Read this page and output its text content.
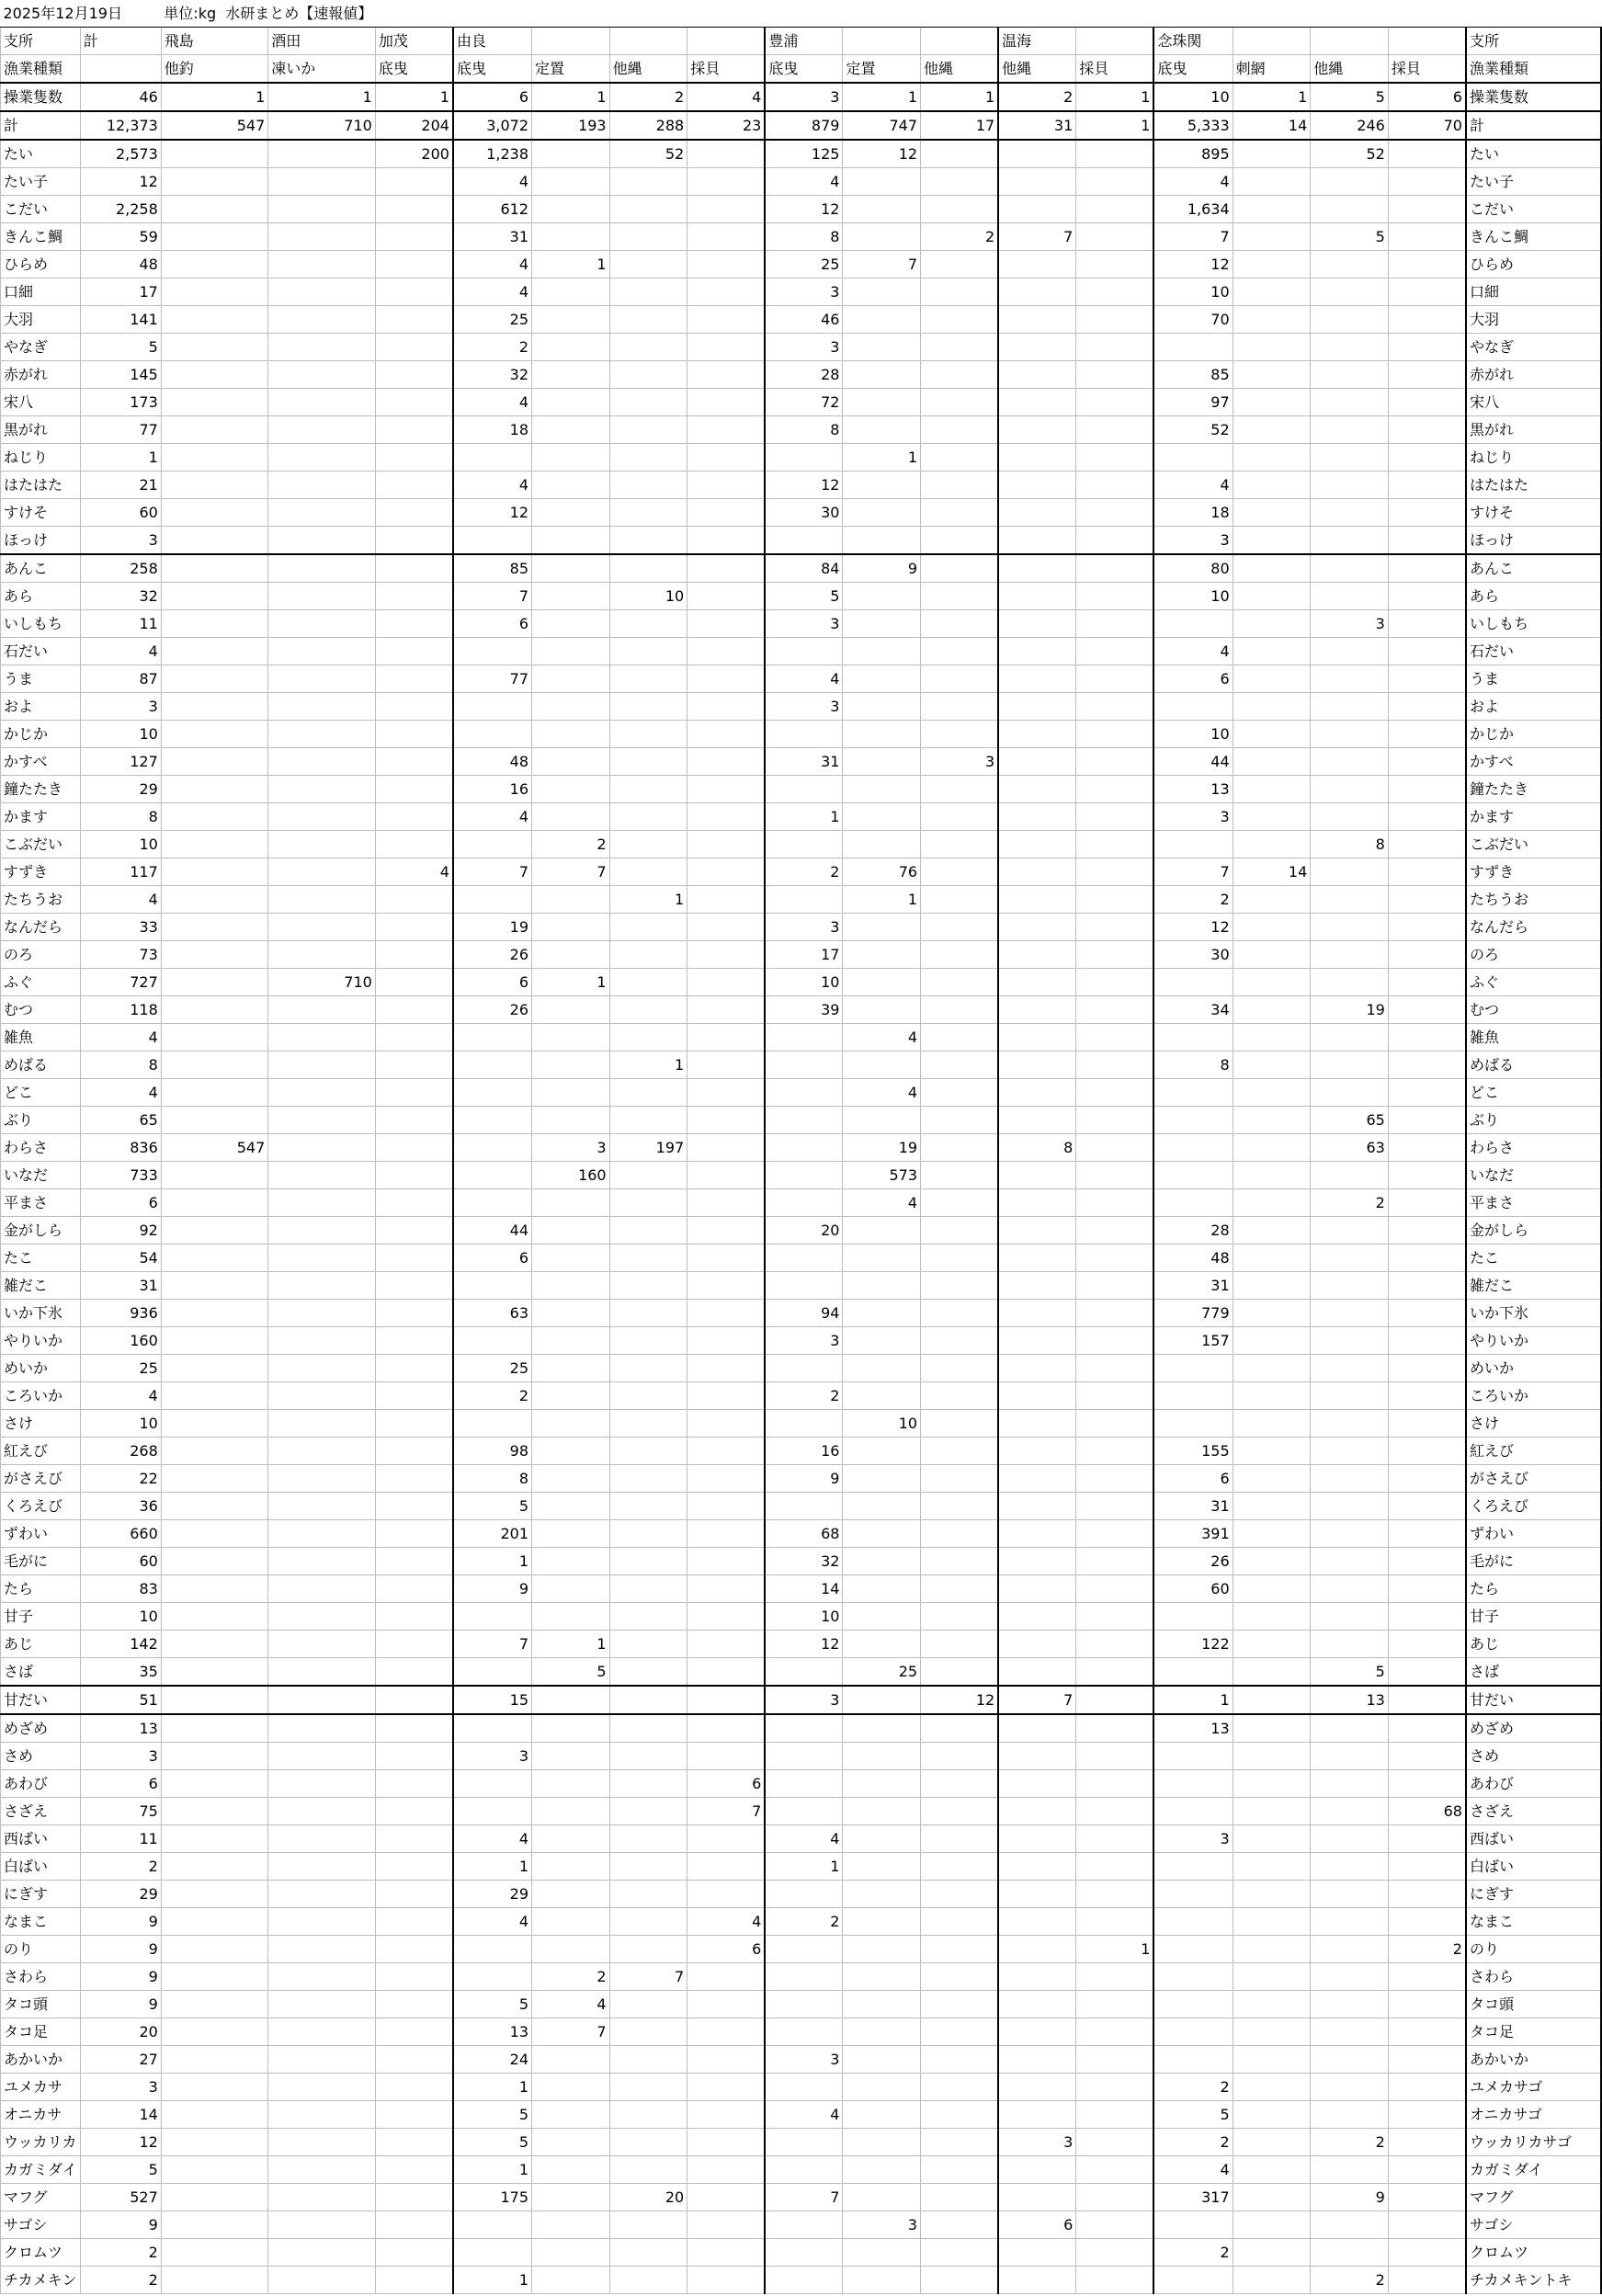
2025年12月19日		単位:kg 水研まとめ【速報値】																
支所	計	飛島	酒田	加茂	由良				豊浦			温海		念珠関				支所
漁業種類		他釣	凍いか	底曳	底曳	定置	他縄	採貝	底曳	定置	他縄	他縄	採貝	底曳	刺網	他縄	採貝	漁業種類
操業隻数	46	1	1	1	6	1	2	4	3	1	1	2	1	10	1	5	6	操業隻数
計	12,373	547	710	204	3,072	193	288	23	879	747	17	31	1	5,333	14	246	70	計
たい	2,573			200	1,238		52		125	12				895		52		たい
たい子	12				4				4					4				たい子
こだい	2,258				612				12					1,634				こだい
きんこ鯛	59				31				8		2	7		7		5		きんこ鯛
ひらめ	48				4	1			25	7				12				ひらめ
口細	17				4				3					10				口細
大羽	141				25				46					70				大羽
やなぎ	5				2				3									やなぎ
赤がれ	145				32				28					85				赤がれ
宋八	173				4				72					97				宋八
黒がれ	77				18				8					52				黒がれ
ねじり	1									1								ねじり
はたはた	21				4				12					4				はたはた
すけそ	60				12				30					18				すけそ
ほっけ	3													3				ほっけ
あんこ	258				85				84	9				80				あんこ
あら	32				7		10		5					10				あら
いしもち	11				6				3							3		いしもち
石だい	4													4				石だい
うま	87				77				4					6				うま
およ	3								3									およ
かじか	10													10				かじか
かすべ	127				48				31		3			44				かすべ
鐘たたき	29				16									13				鐘たたき
かます	8				4				1					3				かます
こぶだい	10					2										8		こぶだい
すずき	117			4	7	7			2	76				7	14			すずき
たちうお	4						1			1				2				たちうお
なんだら	33				19				3					12				なんだら
のろ	73				26				17					30				のろ
ふぐ	727		710		6	1			10									ふぐ
むつ	118				26				39					34		19		むつ
雑魚	4									4								雑魚
めばる	8						1							8				めばる
どこ	4									4								どこ
ぶり	65															65		ぶり
わらさ	836	547				3	197			19		8				63		わらさ
いなだ	733					160				573								いなだ
平まさ	6									4						2		平まさ
金がしら	92				44				20					28				金がしら
たこ	54				6									48				たこ
雑だこ	31													31				雑だこ
いか下氷	936				63				94					779				いか下氷
やりいか	160								3					157				やりいか
めいか	25				25													めいか
ころいか	4				2				2									ころいか
さけ	10									10								さけ
紅えび	268				98				16					155				紅えび
がさえび	22				8				9					6				がさえび
くろえび	36				5									31				くろえび
ずわい	660				201				68					391				ずわい
毛がに	60				1				32					26				毛がに
たら	83				9				14					60				たら
甘子	10								10									甘子
あじ	142				7	1			12					122				あじ
さば	35					5				25						5		さば
甘だい	51				15				3		12	7		1		13		甘だい
めざめ	13													13				めざめ
さめ	3				3													さめ
あわび	6							6										あわび
さざえ	75							7									68	さざえ
西ばい	11				4				4					3				西ばい
白ばい	2				1				1									白ばい
にぎす	29				29													にぎす
なまこ	9				4			4	2									なまこ
のり	9							6					1				2	のり
さわら	9					2	7											さわら
タコ頭	9				5	4												タコ頭
タコ足	20				13	7												タコ足
あかいか	27				24				3									あかいか
ユメカサ	3				1									2				ユメカサゴ
オニカサ	14				5				4					5				オニカサゴ
ウッカリカ	12				5							3		2		2		ウッカリカサゴ
カガミダイ	5				1									4				カガミダイ
マフグ	527				175		20		7					317		9		マフグ
サゴシ	9									3		6						サゴシ
クロムツ	2													2				クロムツ
チカメキン	2				1											2		チカメキントキ
